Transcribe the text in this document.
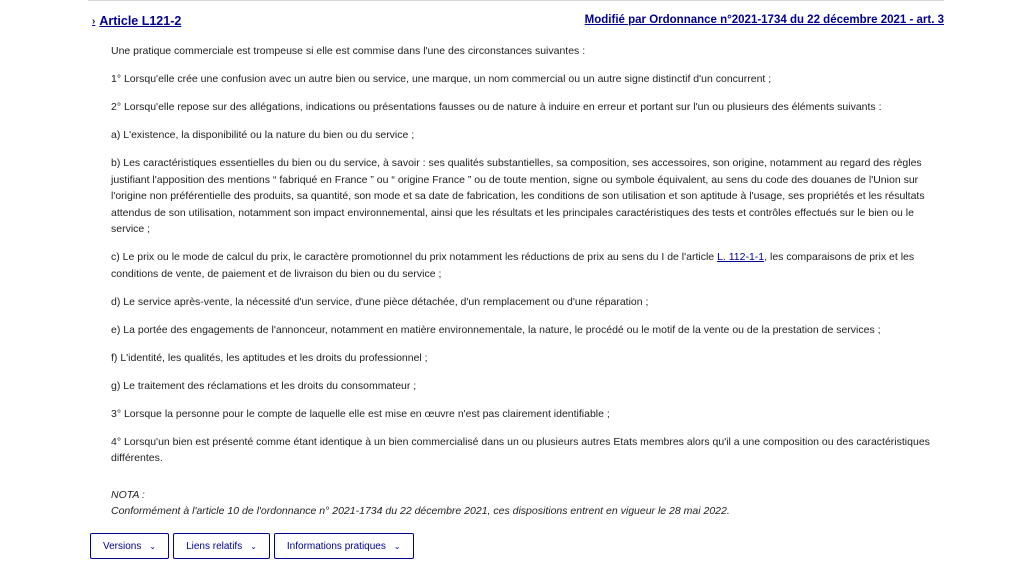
› Article L121-2	Modifié par Ordonnance n°2021-1734 du 22 décembre 2021 - art. 3

Une pratique commerciale est trompeuse si elle est commise dans l'une des circonstances suivantes :

1° Lorsqu'elle crée une confusion avec un autre bien ou service, une marque, un nom commercial ou un autre signe distinctif d'un concurrent ;

2° Lorsqu'elle repose sur des allégations, indications ou présentations fausses ou de nature à induire en erreur et portant sur l'un ou plusieurs des éléments suivants :

a) L'existence, la disponibilité ou la nature du bien ou du service ;

b) Les caractéristiques essentielles du bien ou du service, à savoir : ses qualités substantielles, sa composition, ses accessoires, son origine, notamment au regard des règles justifiant l'apposition des mentions “ fabriqué en France ” ou “ origine France ” ou de toute mention, signe ou symbole équivalent, au sens du code des douanes de l'Union sur l'origine non préférentielle des produits, sa quantité, son mode et sa date de fabrication, les conditions de son utilisation et son aptitude à l'usage, ses propriétés et les résultats attendus de son utilisation, notamment son impact environnemental, ainsi que les résultats et les principales caractéristiques des tests et contrôles effectués sur le bien ou le service ;

c) Le prix ou le mode de calcul du prix, le caractère promotionnel du prix notamment les réductions de prix au sens du I de l'article L. 112-1-1, les comparaisons de prix et les conditions de vente, de paiement et de livraison du bien ou du service ;

d) Le service après-vente, la nécessité d'un service, d'une pièce détachée, d'un remplacement ou d'une réparation ;

e) La portée des engagements de l'annonceur, notamment en matière environnementale, la nature, le procédé ou le motif de la vente ou de la prestation de services ;

f) L'identité, les qualités, les aptitudes et les droits du professionnel ;

g) Le traitement des réclamations et les droits du consommateur ;

3° Lorsque la personne pour le compte de laquelle elle est mise en œuvre n'est pas clairement identifiable ;

4° Lorsqu'un bien est présenté comme étant identique à un bien commercialisé dans un ou plusieurs autres Etats membres alors qu'il a une composition ou des caractéristiques différentes.

NOTA :

Conformément à l'article 10 de l'ordonnance n° 2021-1734 du 22 décembre 2021, ces dispositions entrent en vigueur le 28 mai 2022.

Versions ⌄	Liens relatifs ⌄	Informations pratiques ⌄
